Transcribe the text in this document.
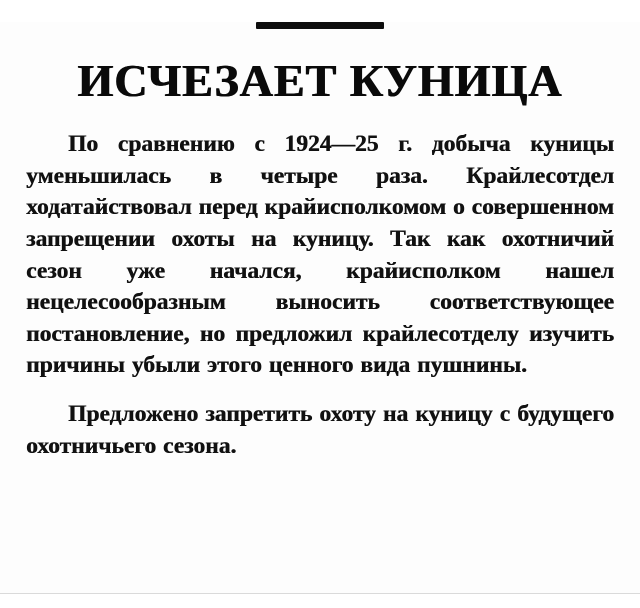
ИСЧЕЗАЕТ КУНИЦА

По сравнению с 1924—25 г. добыча куницы уменьшилась в четыре раза. Крайлесотдел ходатайствовал перед крайисполкомом о совершенном запрещении охоты на куницу. Так как охотничий сезон уже начался, крайисполком нашел нецелесообразным выносить соответствующее постановление, но предложил крайлесотделу изучить причины убыли этого ценного вида пушнины.

Предложено запретить охоту на куницу с будущего охотничьего сезона.
